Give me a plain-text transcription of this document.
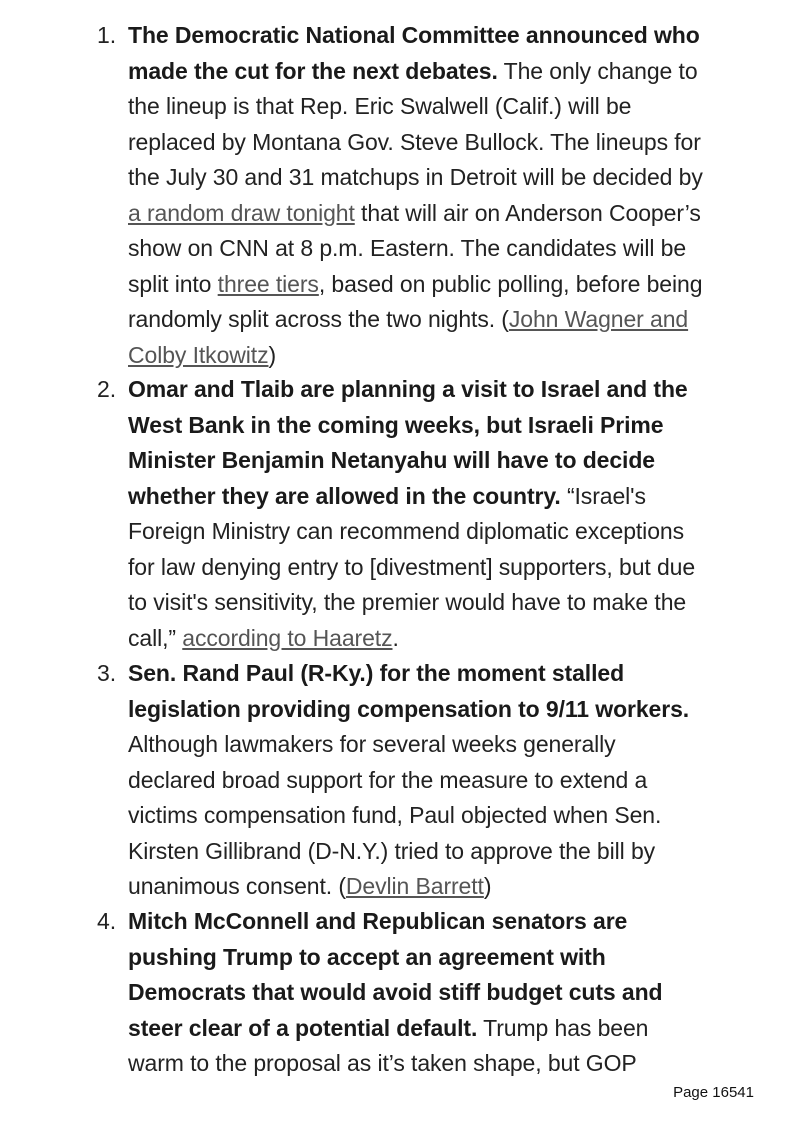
1. The Democratic National Committee announced who made the cut for the next debates. The only change to the lineup is that Rep. Eric Swalwell (Calif.) will be replaced by Montana Gov. Steve Bullock. The lineups for the July 30 and 31 matchups in Detroit will be decided by a random draw tonight that will air on Anderson Cooper’s show on CNN at 8 p.m. Eastern. The candidates will be split into three tiers, based on public polling, before being randomly split across the two nights. (John Wagner and Colby Itkowitz)
2. Omar and Tlaib are planning a visit to Israel and the West Bank in the coming weeks, but Israeli Prime Minister Benjamin Netanyahu will have to decide whether they are allowed in the country. “Israel's Foreign Ministry can recommend diplomatic exceptions for law denying entry to [divestment] supporters, but due to visit's sensitivity, the premier would have to make the call,” according to Haaretz.
3. Sen. Rand Paul (R-Ky.) for the moment stalled legislation providing compensation to 9/11 workers. Although lawmakers for several weeks generally declared broad support for the measure to extend a victims compensation fund, Paul objected when Sen. Kirsten Gillibrand (D-N.Y.) tried to approve the bill by unanimous consent. (Devlin Barrett)
4. Mitch McConnell and Republican senators are pushing Trump to accept an agreement with Democrats that would avoid stiff budget cuts and steer clear of a potential default. Trump has been warm to the proposal as it’s taken shape, but GOP
Page 16541
